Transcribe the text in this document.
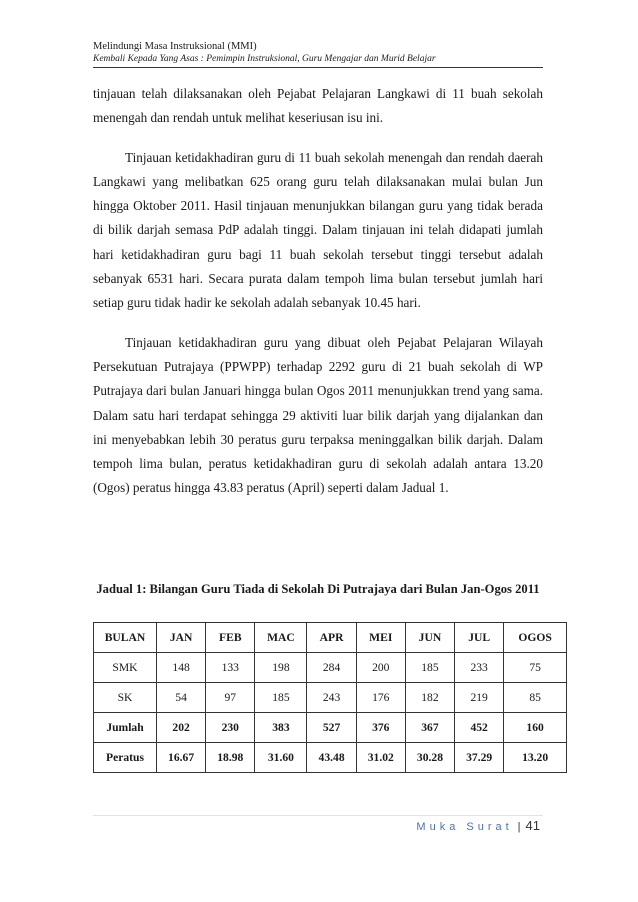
Melindungi Masa Instruksional (MMI)
Kembali Kepada Yang Asas : Pemimpin Instruksional, Guru Mengajar dan Murid Belajar

tinjauan telah dilaksanakan oleh Pejabat Pelajaran Langkawi di 11 buah sekolah menengah dan rendah untuk melihat keseriusan isu ini.

Tinjauan ketidakhadiran guru di 11 buah sekolah menengah dan rendah daerah Langkawi yang melibatkan 625 orang guru telah dilaksanakan mulai bulan Jun hingga Oktober 2011. Hasil tinjauan menunjukkan bilangan guru yang tidak berada di bilik darjah semasa PdP adalah tinggi. Dalam tinjauan ini telah didapati jumlah hari ketidakhadiran guru bagi 11 buah sekolah tersebut tinggi tersebut adalah sebanyak 6531 hari. Secara purata dalam tempoh lima bulan tersebut jumlah hari setiap guru tidak hadir ke sekolah adalah sebanyak 10.45 hari.

Tinjauan ketidakhadiran guru yang dibuat oleh Pejabat Pelajaran Wilayah Persekutuan Putrajaya (PPWPP) terhadap 2292 guru di 21 buah sekolah di WP Putrajaya dari bulan Januari hingga bulan Ogos 2011 menunjukkan trend yang sama. Dalam satu hari terdapat sehingga 29 aktiviti luar bilik darjah yang dijalankan dan ini menyebabkan lebih 30 peratus guru terpaksa meninggalkan bilik darjah. Dalam tempoh lima bulan, peratus ketidakhadiran guru di sekolah adalah antara 13.20 (Ogos) peratus hingga 43.83 peratus (April) seperti dalam Jadual 1.

Jadual 1: Bilangan Guru Tiada di Sekolah Di Putrajaya dari Bulan Jan-Ogos 2011
BULAN	JAN	FEB	MAC	APR	MEI	JUN	JUL	OGOS
SMK	148	133	198	284	200	185	233	75
SK	54	97	185	243	176	182	219	85
Jumlah	202	230	383	527	376	367	452	160
Peratus	16.67	18.98	31.60	43.48	31.02	30.28	37.29	13.20
Muka Surat | 41
